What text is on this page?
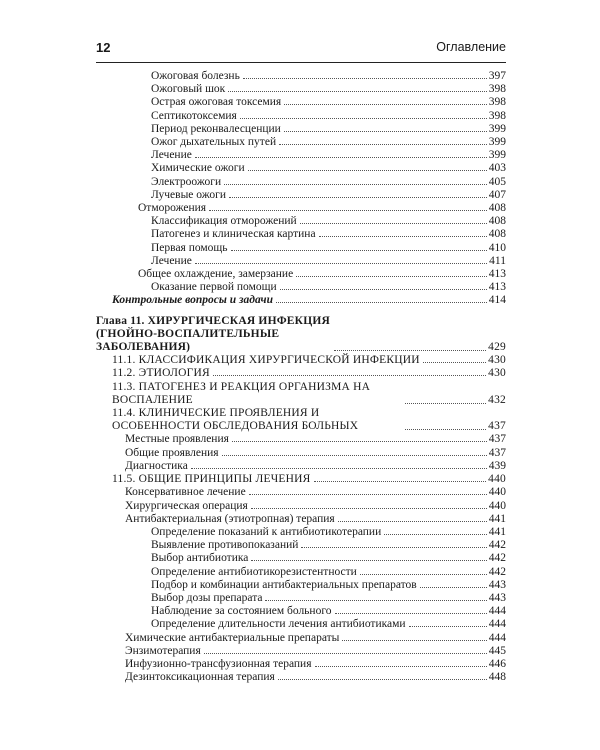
12	Оглавление
Ожоговая болезнь	397
Ожоговый шок	398
Острая ожоговая токсемия	398
Септикотоксемия	398
Период реконвалесценции	399
Ожог дыхательных путей	399
Лечение	399
Химические ожоги	403
Электроожоги	405
Лучевые ожоги	407
Отморожения	408
Классификация отморожений	408
Патогенез и клиническая картина	408
Первая помощь	410
Лечение	411
Общее охлаждение, замерзание	413
Оказание первой помощи	413
Контрольные вопросы и задачи	414
Глава 11. ХИРУРГИЧЕСКАЯ ИНФЕКЦИЯ (ГНОЙНО-ВОСПАЛИТЕЛЬНЫЕ ЗАБОЛЕВАНИЯ)	429
11.1. КЛАССИФИКАЦИЯ ХИРУРГИЧЕСКОЙ ИНФЕКЦИИ	430
11.2. ЭТИОЛОГИЯ	430
11.3. ПАТОГЕНЕЗ И РЕАКЦИЯ ОРГАНИЗМА НА ВОСПАЛЕНИЕ	432
11.4. КЛИНИЧЕСКИЕ ПРОЯВЛЕНИЯ И ОСОБЕННОСТИ ОБСЛЕДОВАНИЯ БОЛЬНЫХ	437
Местные проявления	437
Общие проявления	437
Диагностика	439
11.5. ОБЩИЕ ПРИНЦИПЫ ЛЕЧЕНИЯ	440
Консервативное лечение	440
Хирургическая операция	440
Антибактериальная (этиотропная) терапия	441
Определение показаний к антибиотикотерапии	441
Выявление противопоказаний	442
Выбор антибиотика	442
Определение антибиотикорезистентности	442
Подбор и комбинации антибактериальных препаратов	443
Выбор дозы препарата	443
Наблюдение за состоянием больного	444
Определение длительности лечения антибиотиками	444
Химические антибактериальные препараты	444
Энзимотерапия	445
Инфузионно-трансфузионная терапия	446
Дезинтоксикационная терапия	448
